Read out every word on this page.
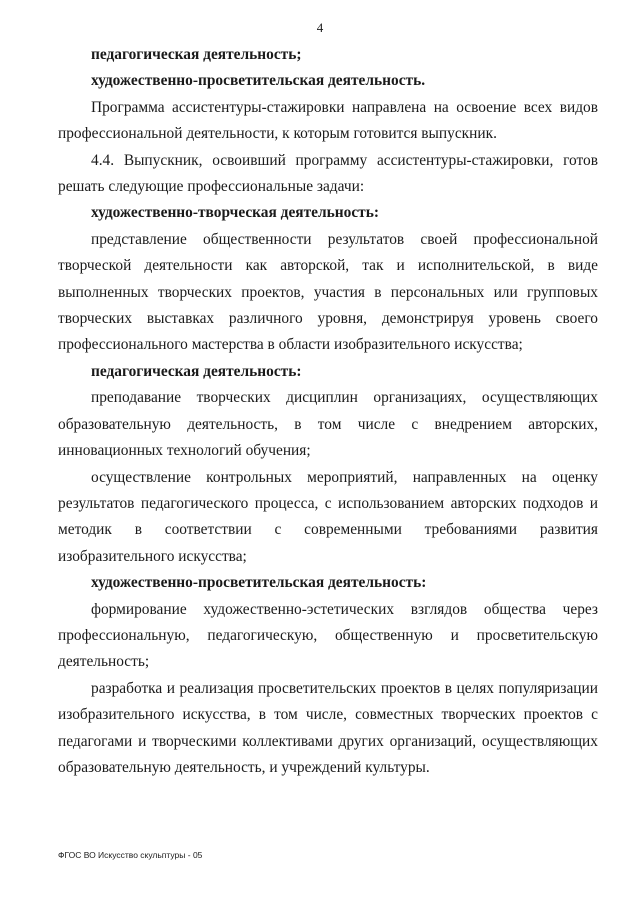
4

педагогическая деятельность;

художественно-просветительская деятельность.

Программа ассистентуры-стажировки направлена на освоение всех видов профессиональной деятельности, к которым готовится выпускник.

4.4. Выпускник, освоивший программу ассистентуры-стажировки, готов решать следующие профессиональные задачи:

художественно-творческая деятельность:

представление общественности результатов своей профессиональной творческой деятельности как авторской, так и исполнительской, в виде выполненных творческих проектов, участия в персональных или групповых творческих выставках различного уровня, демонстрируя уровень своего профессионального мастерства в области изобразительного искусства;

педагогическая деятельность:

преподавание творческих дисциплин организациях, осуществляющих образовательную деятельность, в том числе с внедрением авторских, инновационных технологий обучения;

осуществление контрольных мероприятий, направленных на оценку результатов педагогического процесса, с использованием авторских подходов и методик в соответствии с современными требованиями развития изобразительного искусства;

художественно-просветительская деятельность:

формирование художественно-эстетических взглядов общества через профессиональную, педагогическую, общественную и просветительскую деятельность;

разработка и реализация просветительских проектов в целях популяризации изобразительного искусства, в том числе, совместных творческих проектов с педагогами и творческими коллективами других организаций, осуществляющих образовательную деятельность, и учреждений культуры.

ФГОС ВО Искусство скульптуры - 05
